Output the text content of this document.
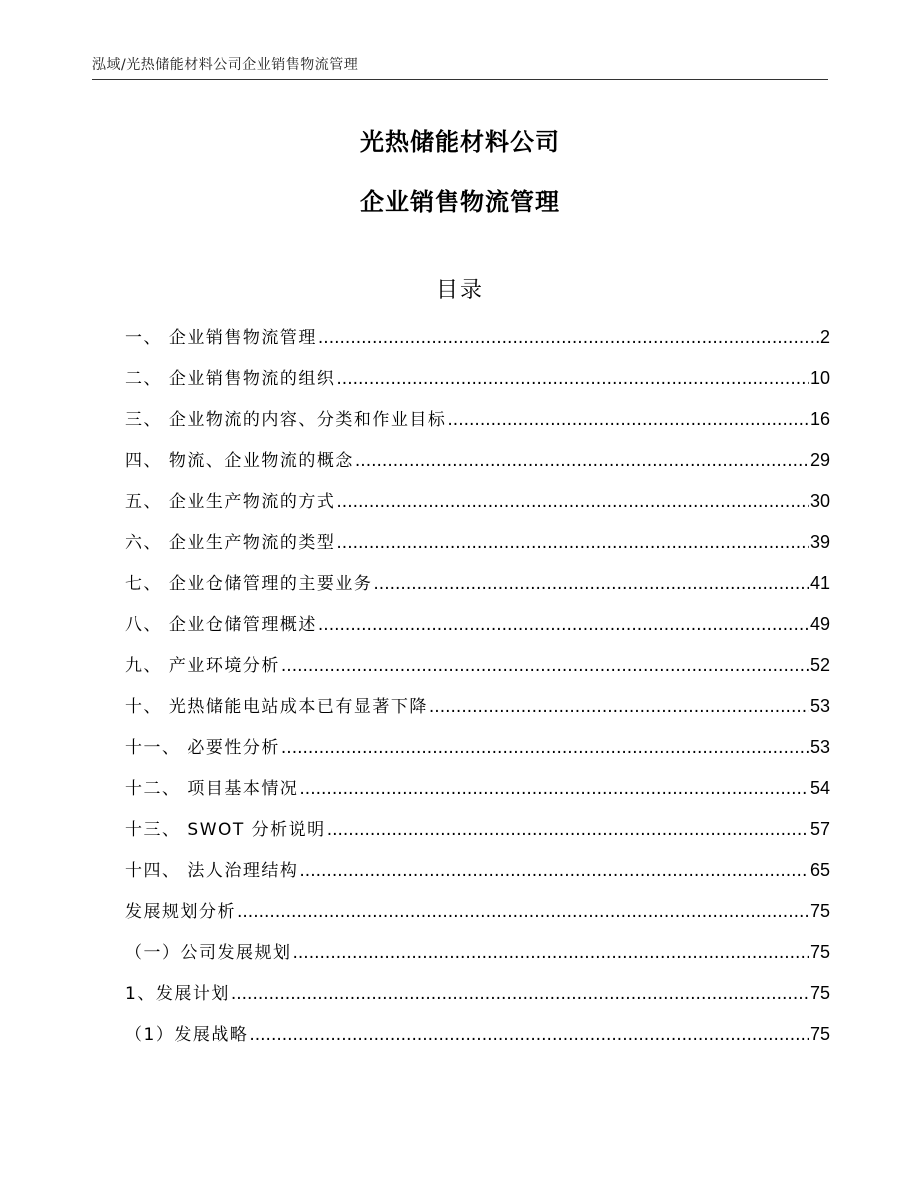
泓域/光热储能材料公司企业销售物流管理
光热储能材料公司
企业销售物流管理
目录
一、 企业销售物流管理 .....	2
二、 企业销售物流的组织 .....	10
三、 企业物流的内容、分类和作业目标 .....	16
四、 物流、企业物流的概念 .....	29
五、 企业生产物流的方式 .....	30
六、 企业生产物流的类型 .....	39
七、 企业仓储管理的主要业务 .....	41
八、 企业仓储管理概述 .....	49
九、 产业环境分析 .....	52
十、 光热储能电站成本已有显著下降 .....	53
十一、 必要性分析 .....	53
十二、 项目基本情况 .....	54
十三、 SWOT 分析说明 .....	57
十四、 法人治理结构 .....	65
发展规划分析 .....	75
（一）公司发展规划 .....	75
1、发展计划 .....	75
（1）发展战略 .....	75
